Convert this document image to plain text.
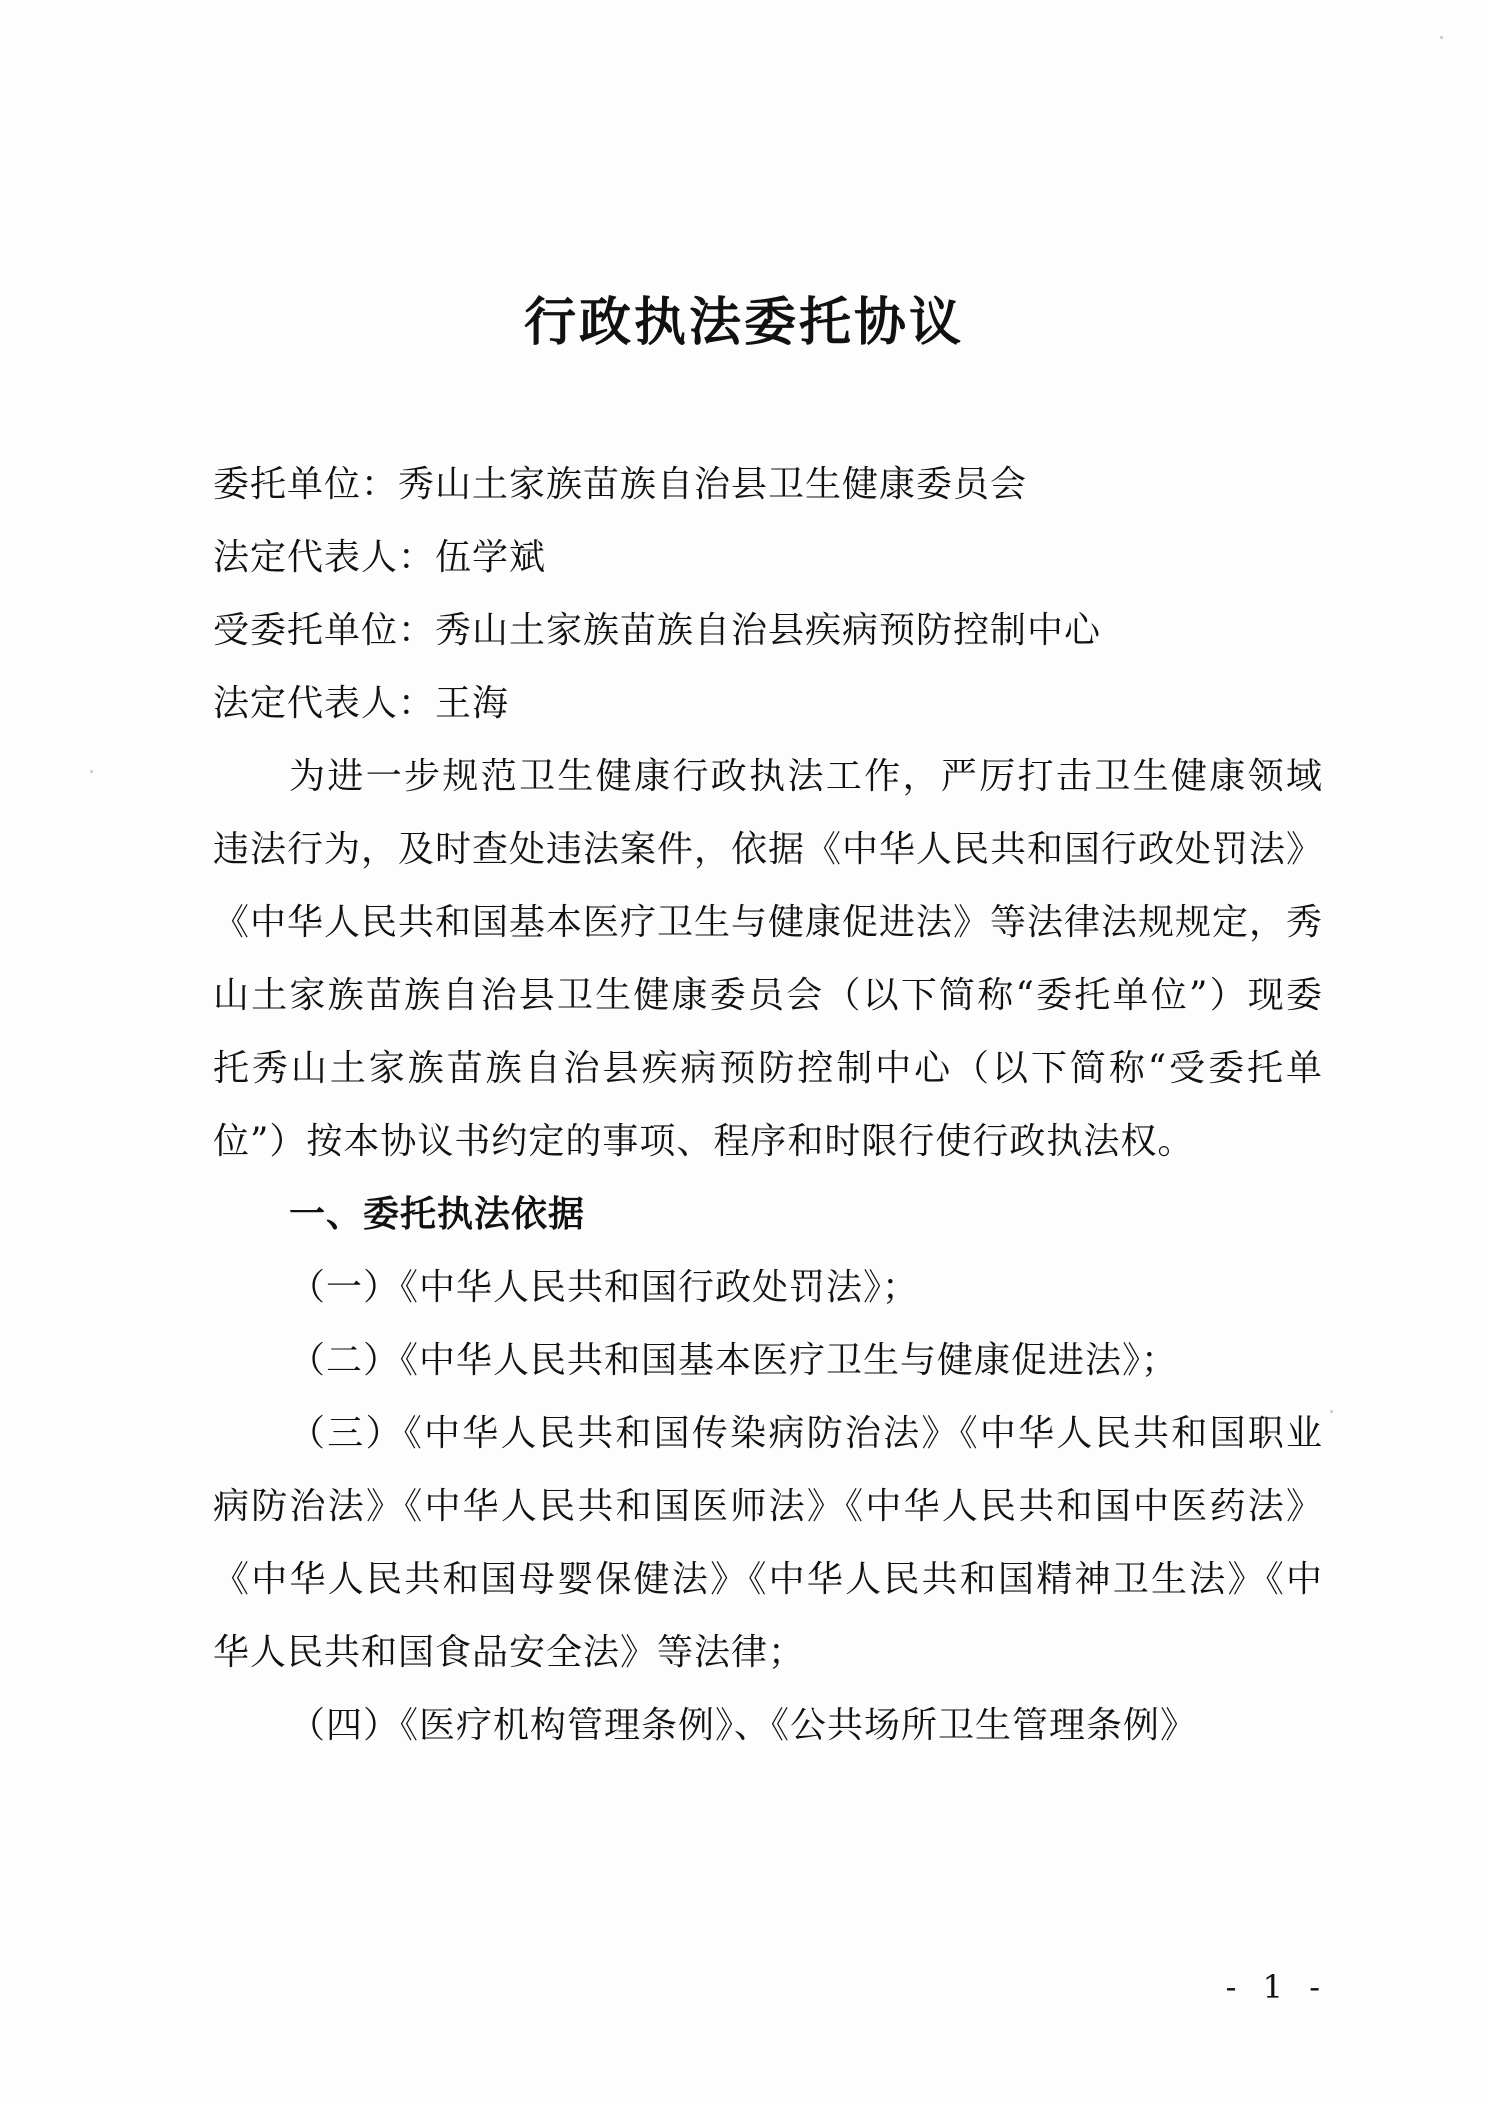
行政执法委托协议

委托单位：秀山土家族苗族自治县卫生健康委员会

法定代表人：伍学斌

受委托单位：秀山土家族苗族自治县疾病预防控制中心

法定代表人：王海

为进一步规范卫生健康行政执法工作，严厉打击卫生健康领域违法行为，及时查处违法案件，依据《中华人民共和国行政处罚法》《中华人民共和国基本医疗卫生与健康促进法》等法律法规规定，秀山土家族苗族自治县卫生健康委员会（以下简称“委托单位”）现委托秀山土家族苗族自治县疾病预防控制中心（以下简称“受委托单位”）按本协议书约定的事项、程序和时限行使行政执法权。

一、委托执法依据

（一）《中华人民共和国行政处罚法》；

（二）《中华人民共和国基本医疗卫生与健康促进法》；

（三）《中华人民共和国传染病防治法》《中华人民共和国职业病防治法》《中华人民共和国医师法》《中华人民共和国中医药法》《中华人民共和国母婴保健法》《中华人民共和国精神卫生法》《中华人民共和国食品安全法》等法律；

（四）《医疗机构管理条例》、《公共场所卫生管理条例》

- 1 -
